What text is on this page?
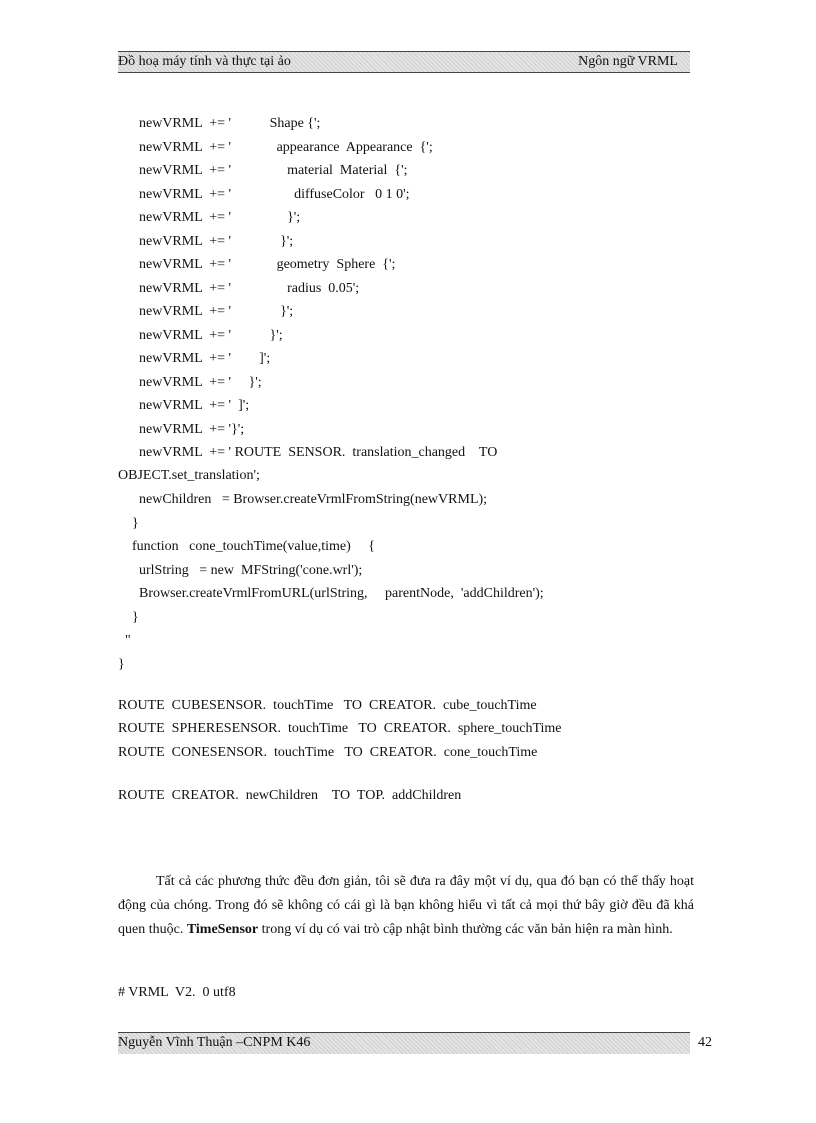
Đồ hoạ máy tính và thực tại ảo	Ngôn ngữ VRML
newVRML  += '           Shape {';
newVRML  += '             appearance  Appearance  {';
newVRML  += '                material  Material  {';
newVRML  += '                  diffuseColor   0 1 0';
newVRML  += '                }';
newVRML  += '              }';
newVRML  += '             geometry  Sphere  {';
newVRML  += '                radius  0.05';
newVRML  += '              }';
newVRML  += '           }';
newVRML  += '        ]';
newVRML  += '     }';
newVRML  += '  ]';
newVRML  += '}';
newVRML  += ' ROUTE  SENSOR.  translation_changed    TO
OBJECT.set_translation';
newChildren   = Browser.createVrmlFromString(newVRML);
}
function   cone_touchTime(value,time)     {
urlString   = new  MFString('cone.wrl');
Browser.createVrmlFromURL(urlString,     parentNode,  'addChildren');
}
"
}
ROUTE  CUBESENSOR.  touchTime   TO  CREATOR.  cube_touchTime
ROUTE  SPHERESENSOR.  touchTime   TO  CREATOR.  sphere_touchTime
ROUTE  CONESENSOR.  touchTime   TO  CREATOR.  cone_touchTime
ROUTE  CREATOR.  newChildren    TO  TOP.  addChildren

Tất cả các phương thức đều đơn giản, tôi sẽ đưa ra đây một ví dụ, qua đó bạn có thể thấy hoạt động của chóng. Trong đó sẽ không có cái gì là bạn không hiểu vì tất cả mọi thứ bây giờ đều đã khá quen thuộc. TimeSensor trong ví dụ có vai trò cập nhật bình thường các văn bản hiện ra màn hình.

# VRML  V2.  0 utf8
Nguyễn Vĩnh Thuận –CNPM K46	42
